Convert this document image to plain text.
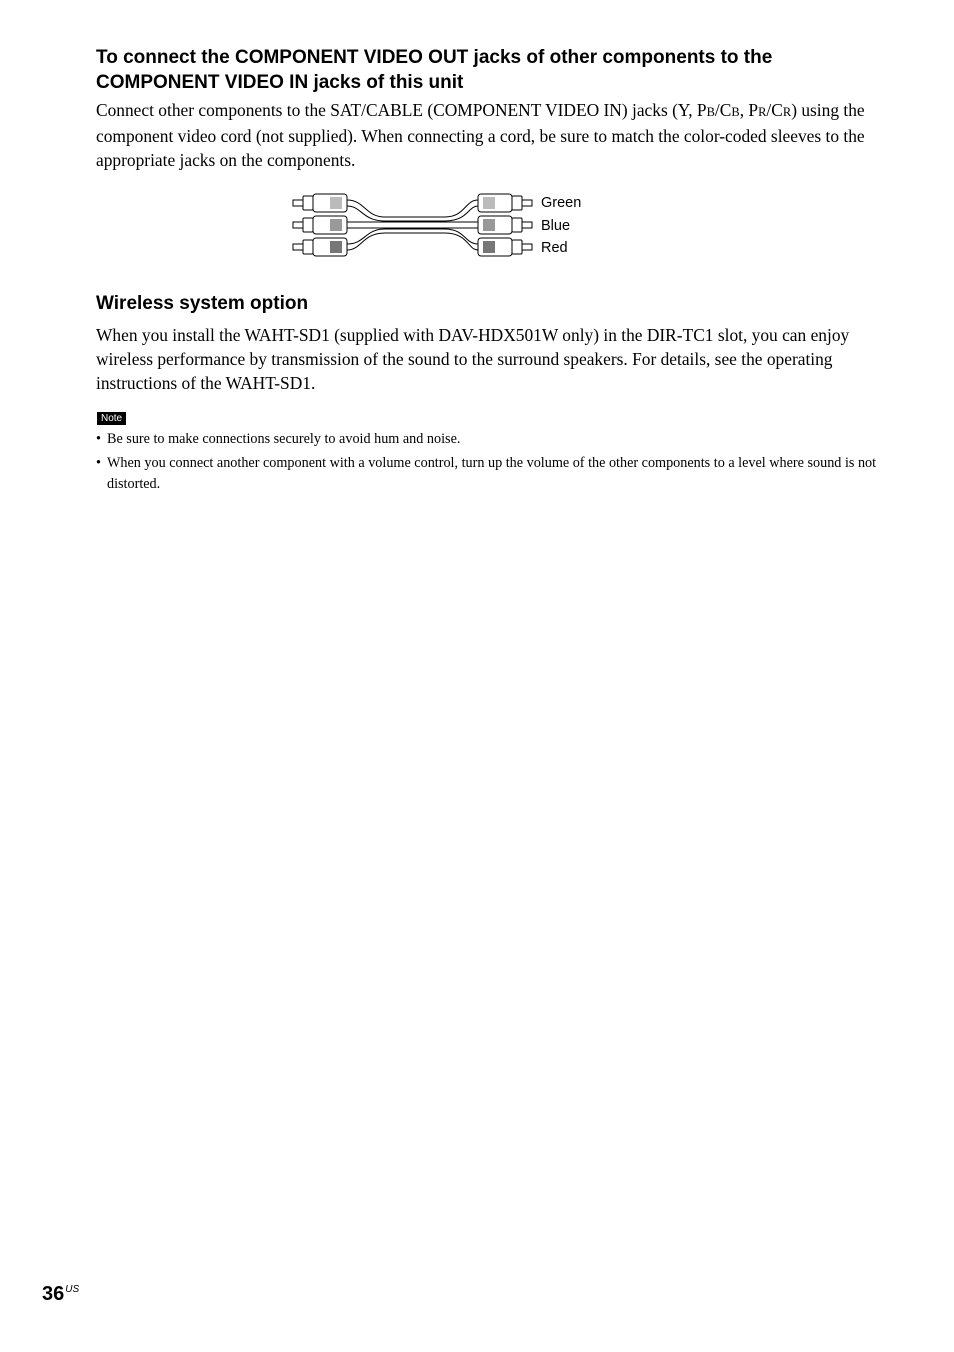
To connect the COMPONENT VIDEO OUT jacks of other components to the COMPONENT VIDEO IN jacks of this unit

Connect other components to the SAT/CABLE (COMPONENT VIDEO IN) jacks (Y, PB/CB, PR/CR) using the component video cord (not supplied). When connecting a cord, be sure to match the color-coded sleeves to the appropriate jacks on the components.

Green
Blue
Red
Wireless system option

When you install the WAHT-SD1 (supplied with DAV-HDX501W only) in the DIR-TC1 slot, you can enjoy wireless performance by transmission of the sound to the surround speakers. For details, see the operating instructions of the WAHT-SD1.

Note
• Be sure to make connections securely to avoid hum and noise.
• When you connect another component with a volume control, turn up the volume of the other components to a level where sound is not distorted.
$36^{US}$
